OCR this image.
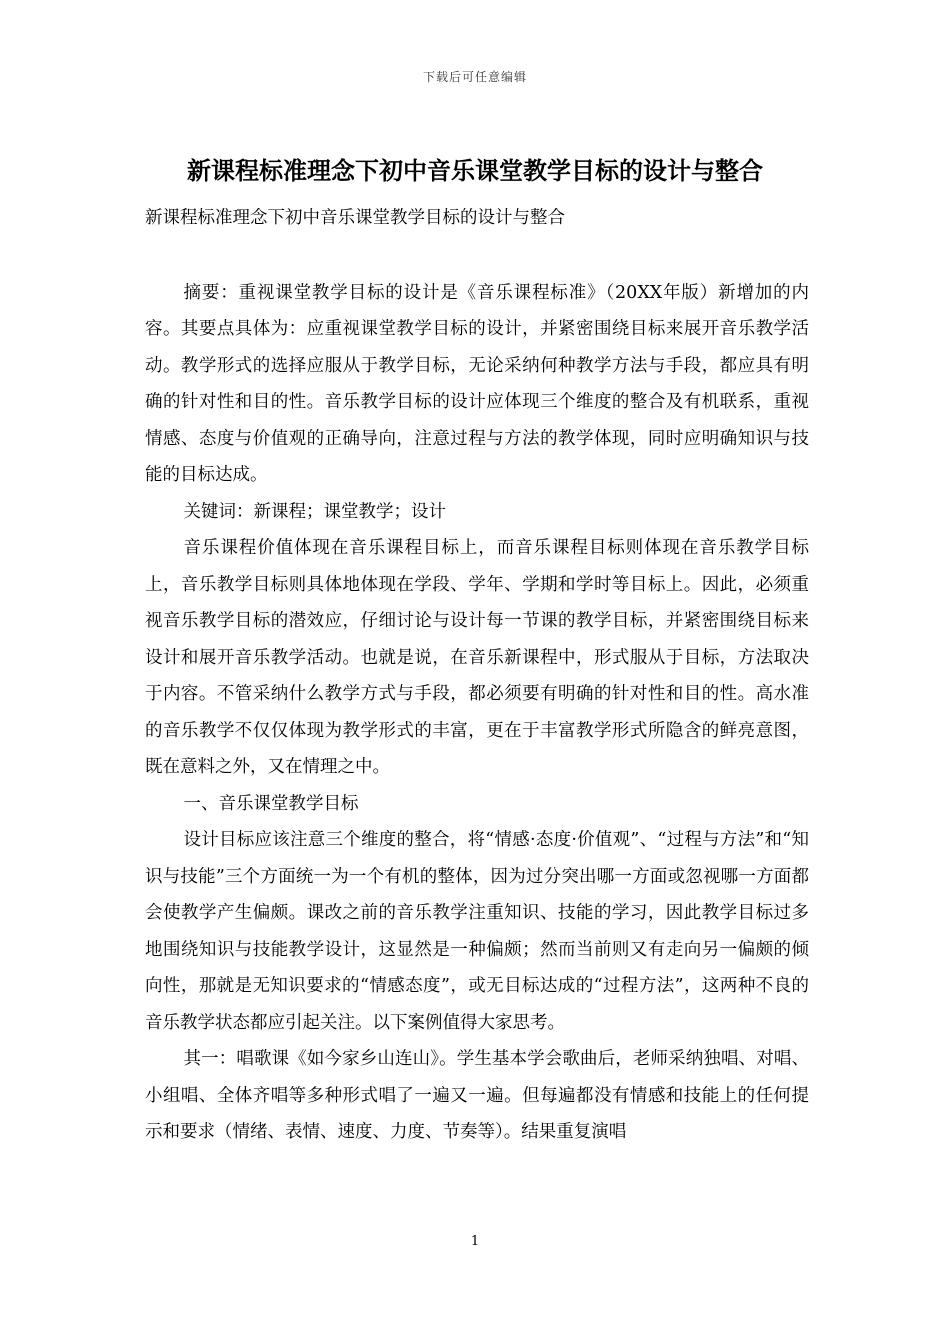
下载后可任意编辑
新课程标准理念下初中音乐课堂教学目标的设计与整合

新课程标准理念下初中音乐课堂教学目标的设计与整合

摘要：重视课堂教学目标的设计是《音乐课程标准》（20XX年版）新增加的内容。其要点具体为：应重视课堂教学目标的设计，并紧密围绕目标来展开音乐教学活动。教学形式的选择应服从于教学目标，无论采纳何种教学方法与手段，都应具有明确的针对性和目的性。音乐教学目标的设计应体现三个维度的整合及有机联系，重视情感、态度与价值观的正确导向，注意过程与方法的教学体现，同时应明确知识与技能的目标达成。

关键词：新课程；课堂教学；设计

音乐课程价值体现在音乐课程目标上，而音乐课程目标则体现在音乐教学目标上，音乐教学目标则具体地体现在学段、学年、学期和学时等目标上。因此，必须重视音乐教学目标的潜效应，仔细讨论与设计每一节课的教学目标，并紧密围绕目标来设计和展开音乐教学活动。也就是说，在音乐新课程中，形式服从于目标，方法取决于内容。不管采纳什么教学方式与手段，都必须要有明确的针对性和目的性。高水准的音乐教学不仅仅体现为教学形式的丰富，更在于丰富教学形式所隐含的鲜亮意图，既在意料之外，又在情理之中。

一、音乐课堂教学目标

设计目标应该注意三个维度的整合，将“情感·态度·价值观”、“过程与方法”和“知识与技能”三个方面统一为一个有机的整体，因为过分突出哪一方面或忽视哪一方面都会使教学产生偏颇。课改之前的音乐教学注重知识、技能的学习，因此教学目标过多地围绕知识与技能教学设计，这显然是一种偏颇；然而当前则又有走向另一偏颇的倾向性，那就是无知识要求的“情感态度”，或无目标达成的“过程方法”，这两种不良的音乐教学状态都应引起关注。以下案例值得大家思考。

其一：唱歌课《如今家乡山连山》。学生基本学会歌曲后，老师采纳独唱、对唱、小组唱、全体齐唱等多种形式唱了一遍又一遍。但每遍都没有情感和技能上的任何提示和要求（情绪、表情、速度、力度、节奏等）。结果重复演唱

1
